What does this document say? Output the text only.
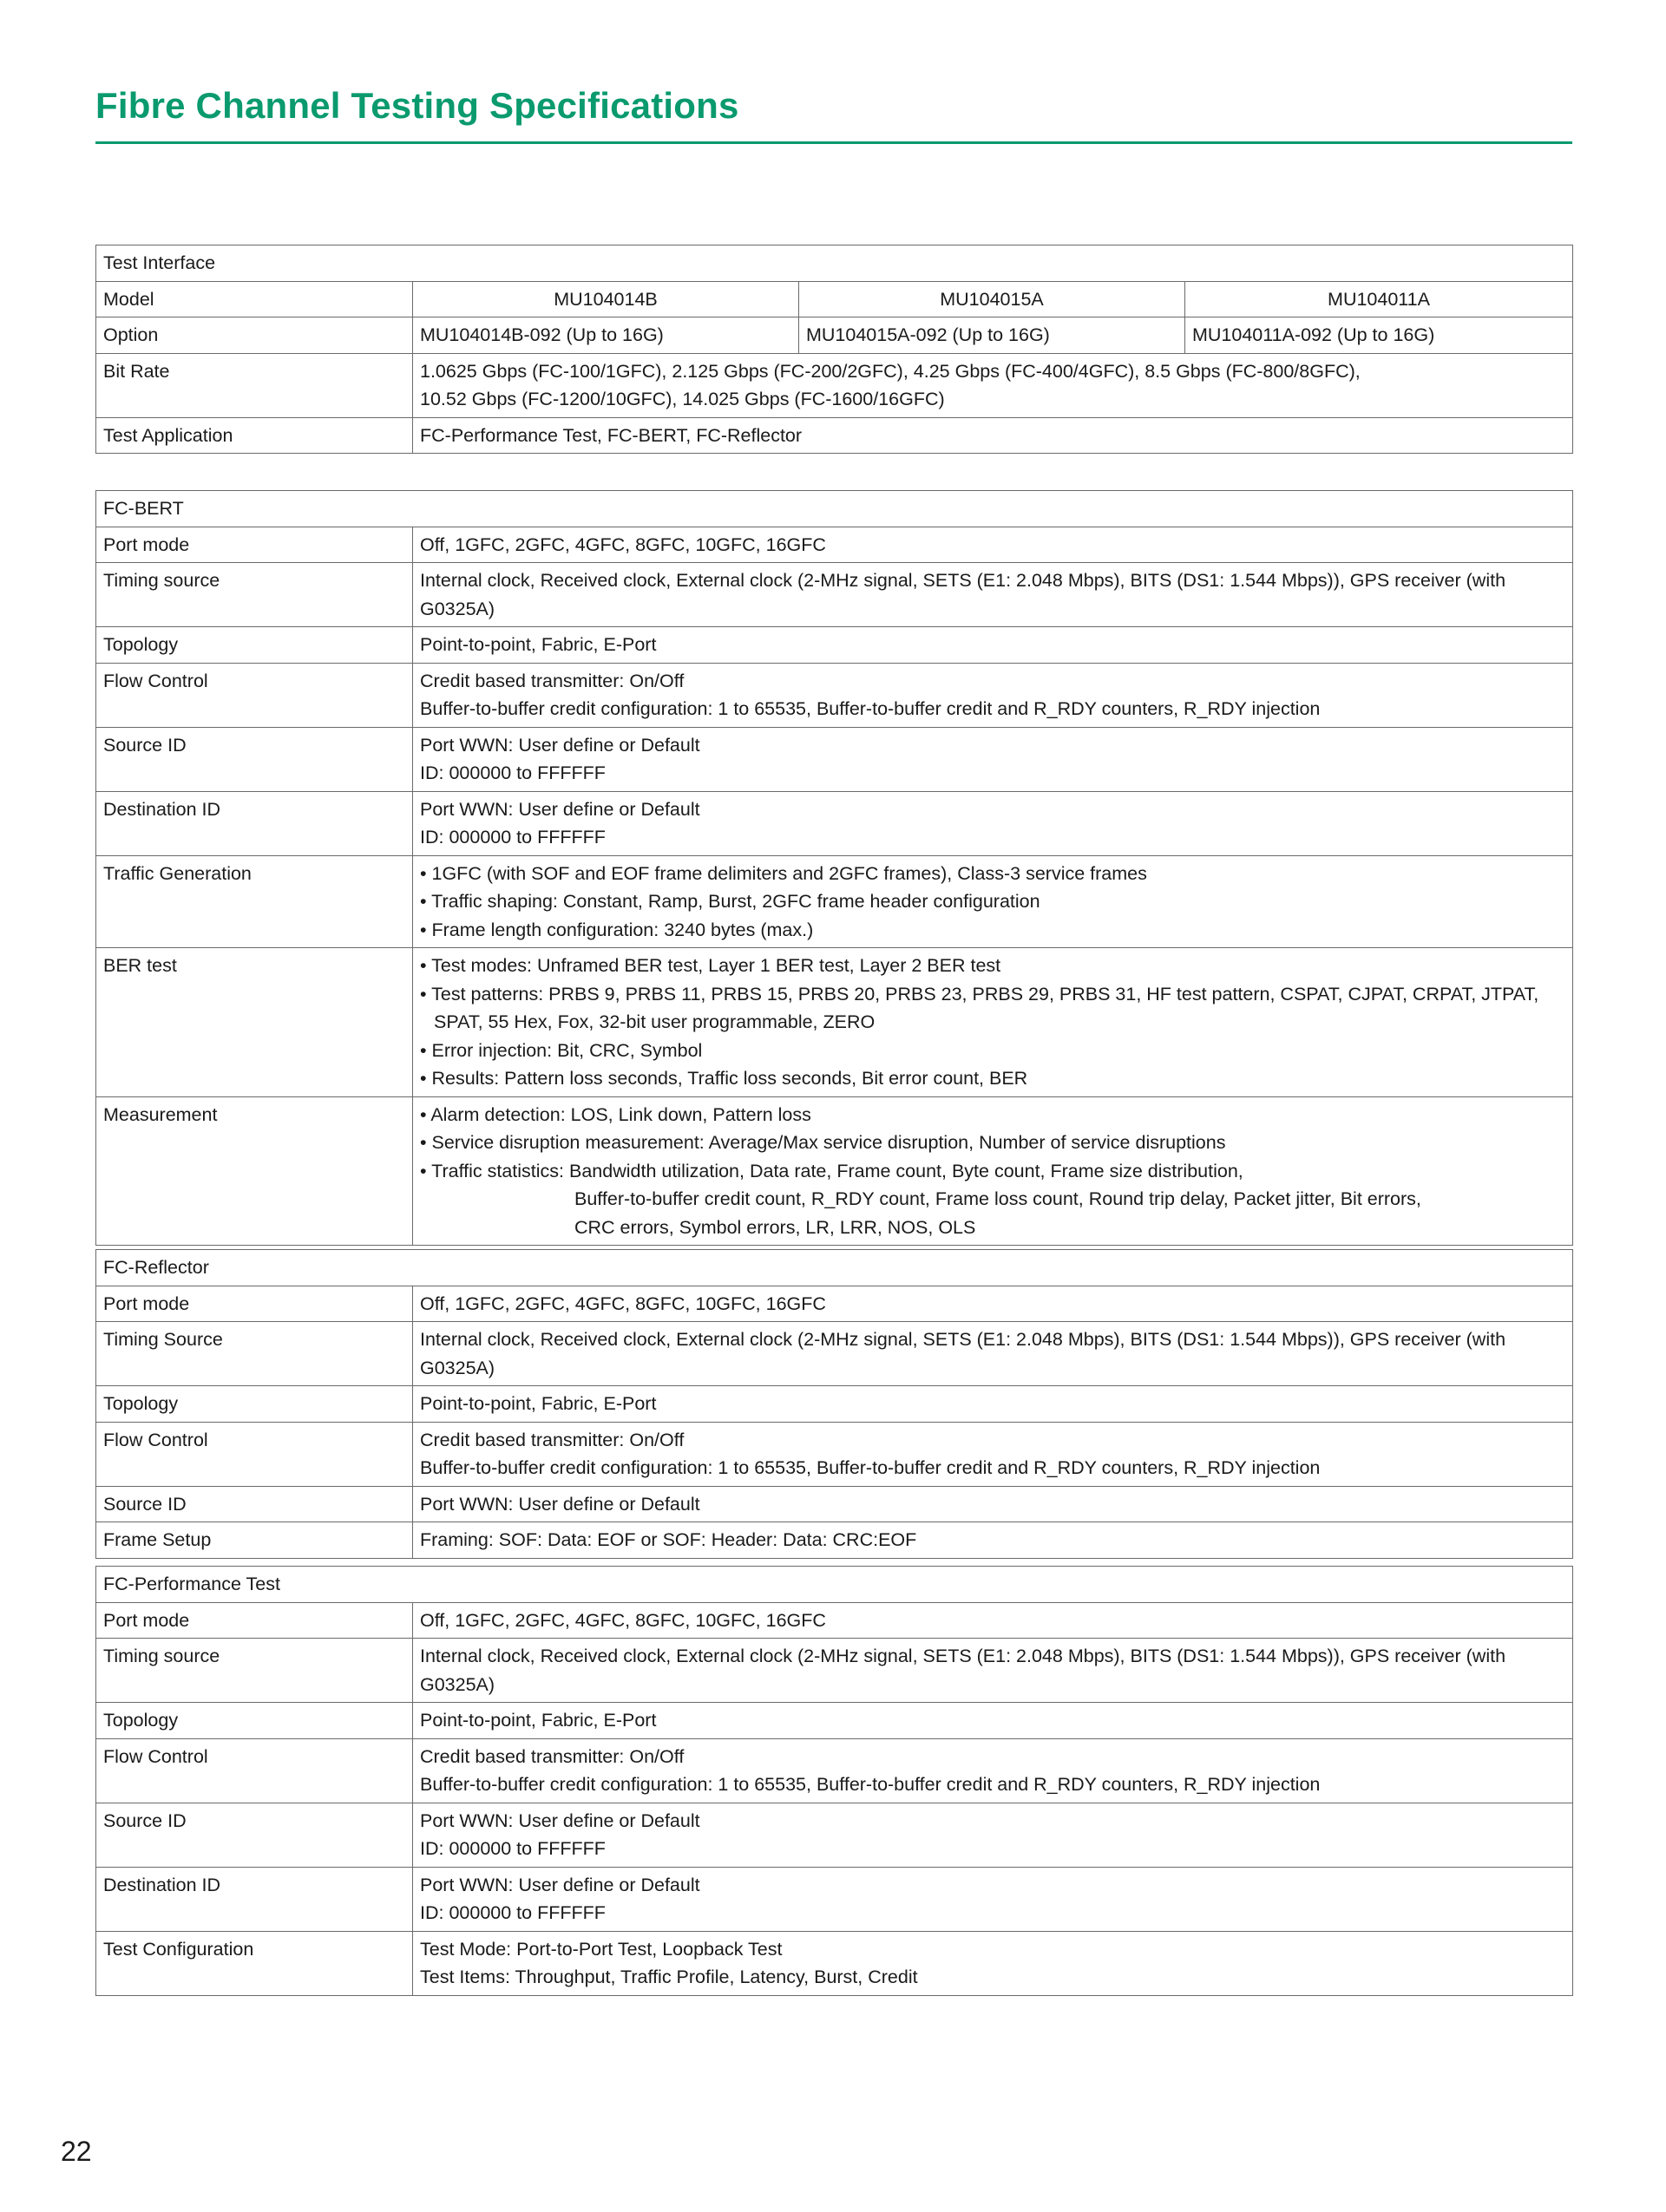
Fibre Channel Testing Specifications
Test Interface			
Model	MU104014B	MU104015A	MU104011A
Option	MU104014B-092 (Up to 16G)	MU104015A-092 (Up to 16G)	MU104011A-092 (Up to 16G)
Bit Rate	1.0625 Gbps (FC-100/1GFC), 2.125 Gbps (FC-200/2GFC), 4.25 Gbps (FC-400/4GFC), 8.5 Gbps (FC-800/8GFC),
10.52 Gbps (FC-1200/10GFC), 14.025 Gbps (FC-1600/16GFC)		

Test Application	FC-Performance Test, FC-BERT, FC-Reflector		
FC-BERT	
Port mode	Off, 1GFC, 2GFC, 4GFC, 8GFC, 10GFC, 16GFC

Timing source	Internal clock, Received clock, External clock (2-MHz signal, SETS (E1: 2.048 Mbps), BITS (DS1: 1.544 Mbps)), GPS receiver (with G0325A)

Topology	Point-to-point, Fabric, E-Port

Flow Control	Credit based transmitter: On/Off
Buffer-to-buffer credit configuration: 1 to 65535, Buffer-to-buffer credit and R_RDY counters, R_RDY injection

Source ID	Port WWN: User define or Default
ID: 000000 to FFFFFF

Destination ID	Port WWN: User define or Default
ID: 000000 to FFFFFF

Traffic Generation	• 1GFC (with SOF and EOF frame delimiters and 2GFC frames), Class-3 service frames
• Traffic shaping: Constant, Ramp, Burst, 2GFC frame header configuration
• Frame length configuration: 3240 bytes (max.)

BER test	• Test modes: Unframed BER test, Layer 1 BER test, Layer 2 BER test
• Test patterns: PRBS 9, PRBS 11, PRBS 15, PRBS 20, PRBS 23, PRBS 29, PRBS 31, HF test pattern, CSPAT, CJPAT, CRPAT, JTPAT, SPAT, 55 Hex, Fox, 32-bit user programmable, ZERO
• Error injection: Bit, CRC, Symbol
• Results: Pattern loss seconds, Traffic loss seconds, Bit error count, BER

Measurement	• Alarm detection: LOS, Link down, Pattern loss
• Service disruption measurement: Average/Max service disruption, Number of service disruptions
• Traffic statistics: Bandwidth utilization, Data rate, Frame count, Byte count, Frame size distribution,
Buffer-to-buffer credit count, R_RDY count, Frame loss count, Round trip delay, Packet jitter, Bit errors,
CRC errors, Symbol errors, LR, LRR, NOS, OLS
FC-Reflector	
Port mode	Off, 1GFC, 2GFC, 4GFC, 8GFC, 10GFC, 16GFC

Timing Source	Internal clock, Received clock, External clock (2-MHz signal, SETS (E1: 2.048 Mbps), BITS (DS1: 1.544 Mbps)), GPS receiver (with G0325A)

Topology	Point-to-point, Fabric, E-Port

Flow Control	Credit based transmitter: On/Off
Buffer-to-buffer credit configuration: 1 to 65535, Buffer-to-buffer credit and R_RDY counters, R_RDY injection

Source ID	Port WWN: User define or Default

Frame Setup	Framing: SOF: Data: EOF or SOF: Header: Data: CRC:EOF
FC-Performance Test	
Port mode	Off, 1GFC, 2GFC, 4GFC, 8GFC, 10GFC, 16GFC

Timing source	Internal clock, Received clock, External clock (2-MHz signal, SETS (E1: 2.048 Mbps), BITS (DS1: 1.544 Mbps)), GPS receiver (with
G0325A)

Topology	Point-to-point, Fabric, E-Port

Flow Control	Credit based transmitter: On/Off
Buffer-to-buffer credit configuration: 1 to 65535, Buffer-to-buffer credit and R_RDY counters, R_RDY injection

Source ID	Port WWN: User define or Default
ID: 000000 to FFFFFF

Destination ID	Port WWN: User define or Default
ID: 000000 to FFFFFF

Test Configuration	Test Mode: Port-to-Port Test, Loopback Test
Test Items: Throughput, Traffic Profile, Latency, Burst, Credit
22
